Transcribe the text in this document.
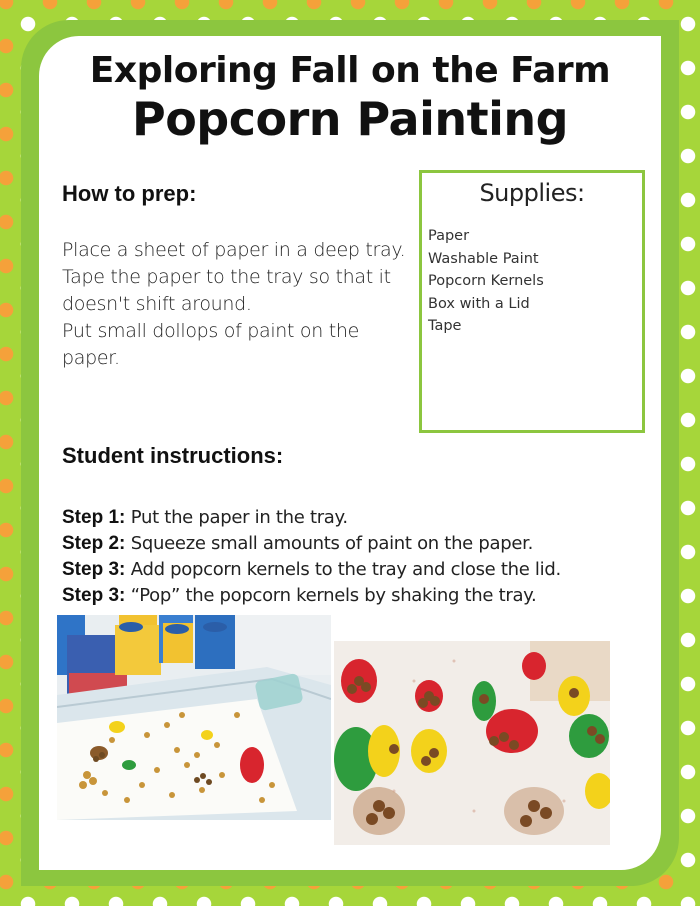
Exploring Fall on the Farm
Popcorn Painting
How to prep:
Place a sheet of paper in a deep tray.
Tape the paper to the tray so that it doesn't shift around.
Put small dollops of paint on the paper.
Supplies:
Paper
Washable Paint
Popcorn Kernels
Box with a Lid
Tape
Student instructions:
Step 1: Put the paper in the tray.
Step 2: Squeeze small amounts of paint on the paper.
Step 3: Add popcorn kernels to the tray and close the lid.
Step 3: “Pop” the popcorn kernels by shaking the tray.
